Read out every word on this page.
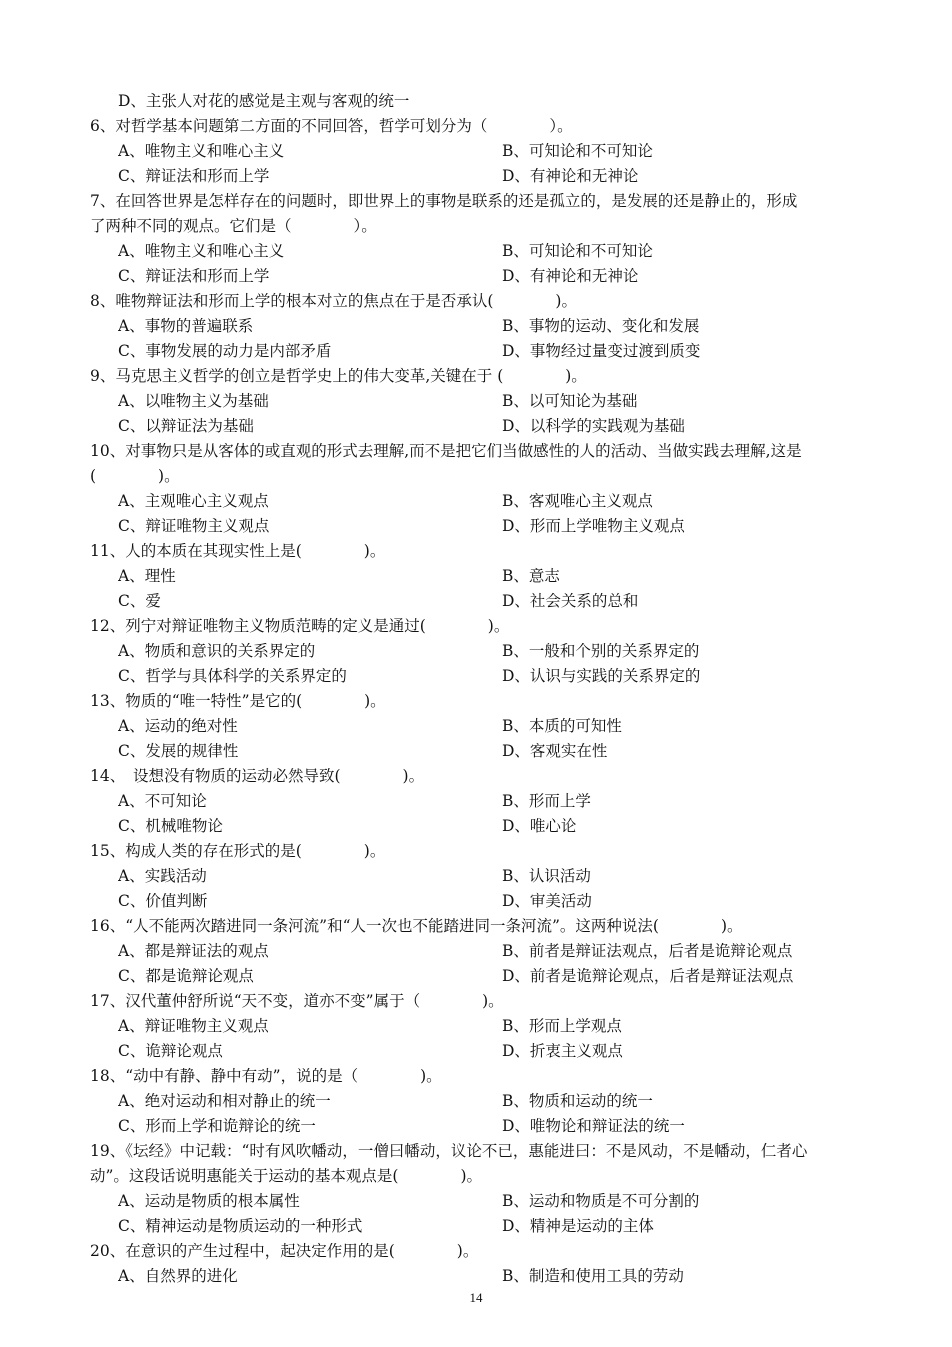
D、主张人对花的感觉是主观与客观的统一
6、对哲学基本问题第二方面的不同回答，哲学可划分为（　　　　）。
A、唯物主义和唯心主义	B、可知论和不可知论
C、辩证法和形而上学	D、有神论和无神论
7、在回答世界是怎样存在的问题时，即世界上的事物是联系的还是孤立的，是发展的还是静止的，形成
了两种不同的观点。它们是（　　　　）。
A、唯物主义和唯心主义	B、可知论和不可知论
C、辩证法和形而上学	D、有神论和无神论
8、唯物辩证法和形而上学的根本对立的焦点在于是否承认(　　　　)。
A、事物的普遍联系	B、事物的运动、变化和发展
C、事物发展的动力是内部矛盾	D、事物经过量变过渡到质变
9、马克思主义哲学的创立是哲学史上的伟大变革,关键在于 (　　　　)。
A、以唯物主义为基础	B、以可知论为基础
C、以辩证法为基础	D、以科学的实践观为基础
10、对事物只是从客体的或直观的形式去理解,而不是把它们当做感性的人的活动、当做实践去理解,这是
(　　　　)。
A、主观唯心主义观点	B、客观唯心主义观点
C、辩证唯物主义观点	D、形而上学唯物主义观点
11、人的本质在其现实性上是(　　　　)。
A、理性	B、意志
C、爱	D、社会关系的总和
12、列宁对辩证唯物主义物质范畴的定义是通过(　　　　)。
A、物质和意识的关系界定的	B、一般和个别的关系界定的
C、哲学与具体科学的关系界定的	D、认识与实践的关系界定的
13、物质的“唯一特性”是它的(　　　　)。
A、运动的绝对性	B、本质的可知性
C、发展的规律性	D、客观实在性
14、　设想没有物质的运动必然导致(　　　　)。
A、不可知论	B、形而上学
C、机械唯物论	D、唯心论
15、构成人类的存在形式的是(　　　　)。
A、实践活动	B、认识活动
C、价值判断	D、审美活动
16、“人不能两次踏进同一条河流”和“人一次也不能踏进同一条河流”。这两种说法(　　　　)。
A、都是辩证法的观点	B、前者是辩证法观点，后者是诡辩论观点
C、都是诡辩论观点	D、前者是诡辩论观点，后者是辩证法观点
17、汉代董仲舒所说“天不变，道亦不变”属于（　　　　)。
A、辩证唯物主义观点	B、形而上学观点
C、诡辩论观点	D、折衷主义观点
18、“动中有静、静中有动”，说的是（　　　　)。
A、绝对运动和相对静止的统一	B、物质和运动的统一
C、形而上学和诡辩论的统一	D、唯物论和辩证法的统一
19、《坛经》中记载：“时有风吹幡动，一僧曰幡动，议论不已，惠能进曰：不是风动，不是幡动，仁者心
动”。这段话说明惠能关于运动的基本观点是(　　　　)。
A、运动是物质的根本属性	B、运动和物质是不可分割的
C、精神运动是物质运动的一种形式	D、精神是运动的主体
20、在意识的产生过程中，起决定作用的是(　　　　)。
A、自然界的进化	B、制造和使用工具的劳动
14
